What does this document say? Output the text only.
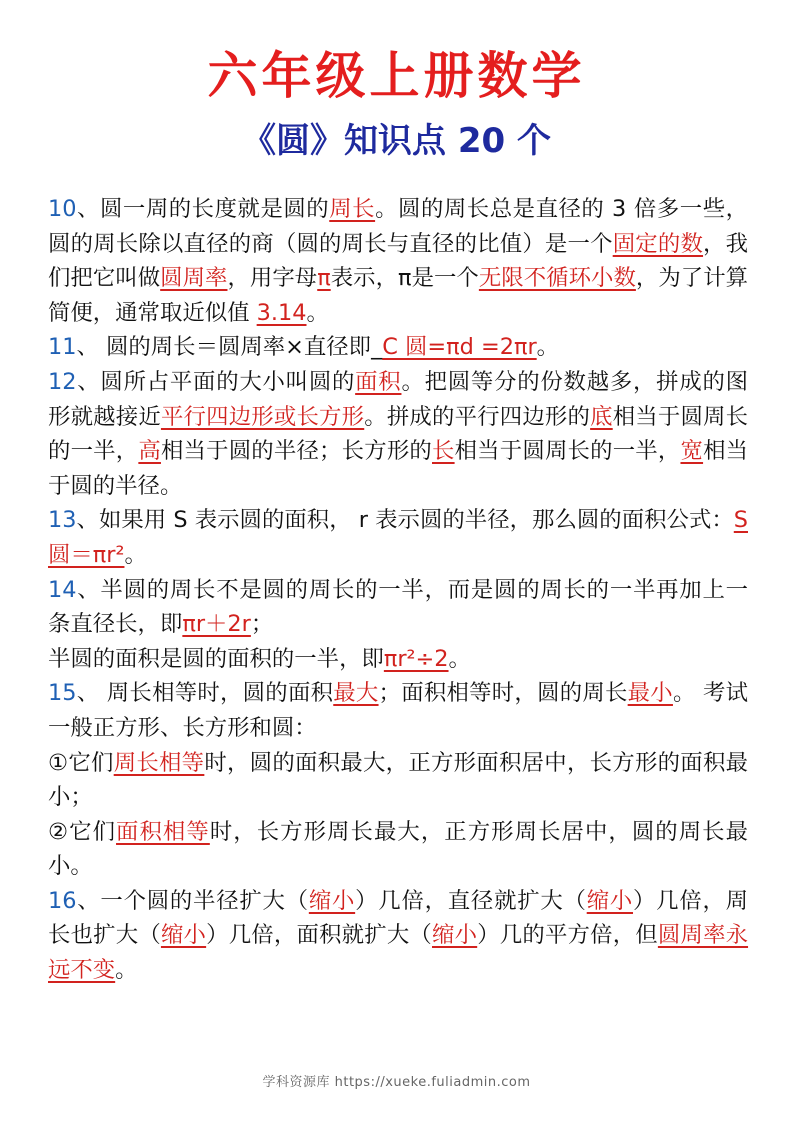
六年级上册数学
《圆》知识点 20 个

10、圆一周的长度就是圆的周长。圆的周长总是直径的 3 倍多一些，圆的周长除以直径的商（圆的周长与直径的比值）是一个固定的数，我们把它叫做圆周率，用字母π表示，π是一个无限不循环小数，为了计算简便，通常取近似值 3.14。

11、 圆的周长＝圆周率×直径即_C 圆=πd =2πr。

12、圆所占平面的大小叫圆的面积。把圆等分的份数越多，拼成的图形就越接近平行四边形或长方形。拼成的平行四边形的底相当于圆周长的一半，高相当于圆的半径；长方形的长相当于圆周长的一半，宽相当于圆的半径。

13、如果用 S 表示圆的面积， r 表示圆的半径，那么圆的面积公式：S 圆＝πr²。

14、半圆的周长不是圆的周长的一半，而是圆的周长的一半再加上一条直径长，即πr＋2r；

半圆的面积是圆的面积的一半，即πr²÷2。

15、 周长相等时，圆的面积最大；面积相等时，圆的周长最小。 考试一般正方形、长方形和圆：

①它们周长相等时，圆的面积最大，正方形面积居中，长方形的面积最小；

②它们面积相等时，长方形周长最大，正方形周长居中，圆的周长最小。

16、一个圆的半径扩大（缩小）几倍，直径就扩大（缩小）几倍，周长也扩大（缩小）几倍，面积就扩大（缩小）几的平方倍，但圆周率永远不变。

学科资源库 https://xueke.fuliadmin.com
